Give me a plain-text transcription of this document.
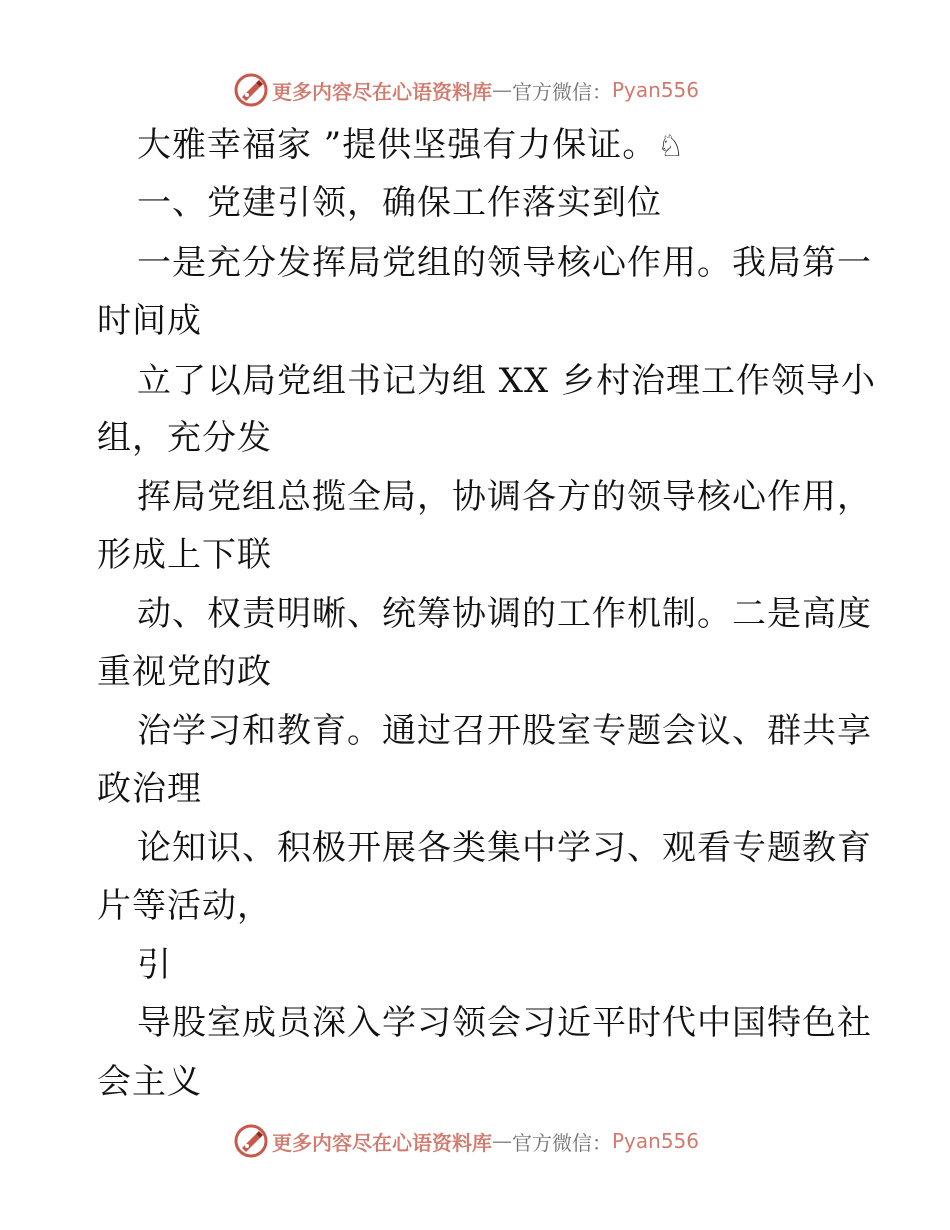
更多内容尽在心语资料库 — 官方微信： Pyan556
大雅幸福家 ”提供坚强有力保证。♘
一、党建引领，确保工作落实到位
一是充分发挥局党组的领导核心作用。我局第一
时间成
立了以局党组书记为组 XX 乡村治理工作领导小
组，充分发
挥局党组总揽全局，协调各方的领导核心作用，
形成上下联
动、权责明晰、统筹协调的工作机制。二是高度
重视党的政
治学习和教育。通过召开股室专题会议、群共享
政治理
论知识、积极开展各类集中学习、观看专题教育
片等活动，
引
导股室成员深入学习领会习近平时代中国特色社
会主义
更多内容尽在心语资料库 — 官方微信： Pyan556
